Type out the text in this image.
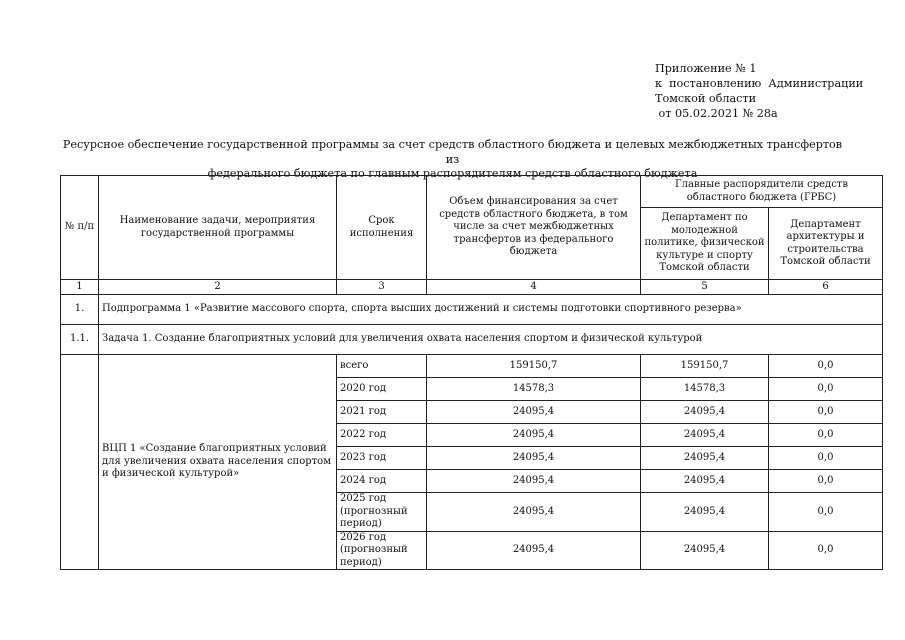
Приложение № 1
к  постановлению  Администрации
Томской области
от 05.02.2021 № 28а
Ресурсное обеспечение государственной программы за счет средств областного бюджета и целевых межбюджетных трансфертов из
федерального бюджета по главным распорядителям средств областного бюджета
№ п/п	Наименование задачи, мероприятия государственной программы	Срок исполнения	Объем финансирования за счет средств областного бюджета, в том числе за счет межбюджетных трансфертов из федерального бюджета	Главные распорядители средств областного бюджета (ГРБС)	
				Департамент по молодежной политике, физической культуре и спорту Томской области	Департамент архитектуры и строительства Томской области
1	2	3	4	5	6
1.	Подпрограмма 1 «Развитие массового спорта, спорта высших достижений и системы подготовки спортивного резерва»				
1.1.	Задача 1. Создание благоприятных условий для увеличения охвата населения спортом и физической культурой				
	ВЦП 1 «Создание благоприятных условий для увеличения охвата населения спортом и физической культурой»	всего	159150,7	159150,7	0,0
		2020 год	14578,3	14578,3	0,0
		2021 год	24095,4	24095,4	0,0
		2022 год	24095,4	24095,4	0,0
		2023 год	24095,4	24095,4	0,0
		2024 год	24095,4	24095,4	0,0
		2025 год (прогнозный период)	24095,4	24095,4	0,0
		2026 год (прогнозный период)	24095,4	24095,4	0,0
